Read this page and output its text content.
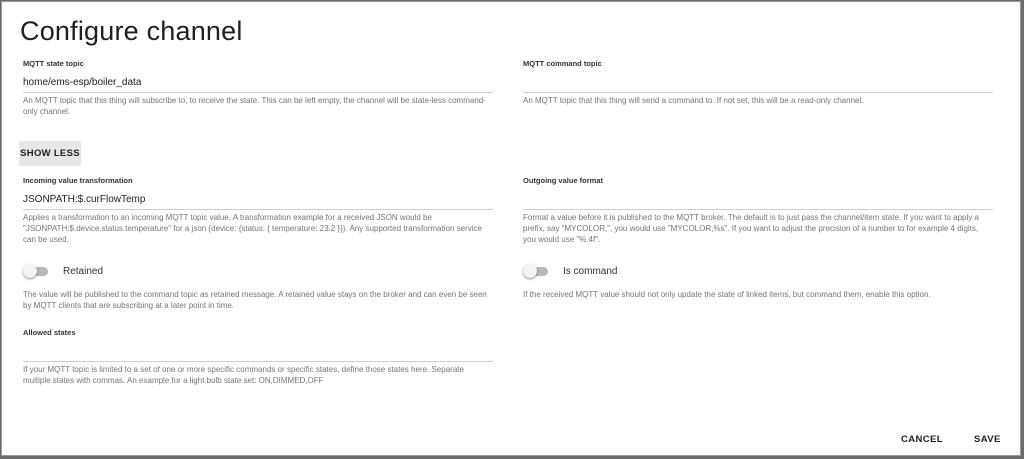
Configure channel
MQTT state topic
home/ems-esp/boiler_data
An MQTT topic that this thing will subscribe to, to receive the state. This can be left empty, the channel will be state-less command-only channel.
MQTT command topic
An MQTT topic that this thing will send a command to. If not set, this will be a read-only channel.
SHOW LESS
Incoming value transformation
JSONPATH:$.curFlowTemp
Applies a transformation to an incoming MQTT topic value. A transformation example for a received JSON would be "JSONPATH:$.device.status.temperature" for a json {device: {status: { temperature: 23.2 }}}. Any supported transformation service can be used.
Outgoing value format
Format a value before it is published to the MQTT broker. The default is to just pass the channel/item state. If you want to apply a prefix, say "MYCOLOR,", you would use "MYCOLOR,%s". If you want to adjust the precision of a number to for example 4 digits, you would use "%.4f".
Retained
The value will be published to the command topic as retained message. A retained value stays on the broker and can even be seen by MQTT clients that are subscribing at a later point in time.
Is command
If the received MQTT value should not only update the state of linked items, but command them, enable this option.
Allowed states
If your MQTT topic is limited to a set of one or more specific commands or specific states, define those states here. Separate multiple states with commas. An example for a light bulb state set: ON,DIMMED,OFF
CANCEL	SAVE
